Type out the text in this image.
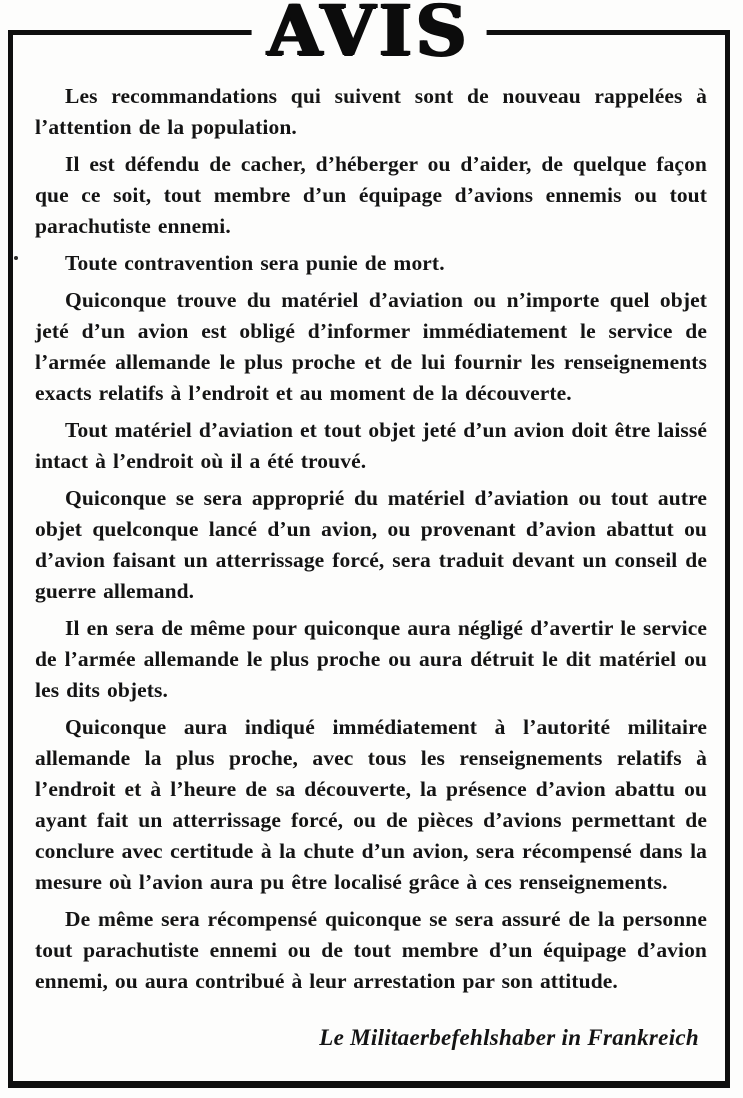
AVIS

Les recommandations qui suivent sont de nouveau rappelées à l’attention de la population.

Il est défendu de cacher, d’héberger ou d’aider, de quelque façon que ce soit, tout membre d’un équipage d’avions ennemis ou tout parachutiste ennemi.

Toute contravention sera punie de mort.

Quiconque trouve du matériel d’aviation ou n’importe quel objet jeté d’un avion est obligé d’informer immédiatement le service de l’armée allemande le plus proche et de lui fournir les renseignements exacts relatifs à l’endroit et au moment de la découverte.

Tout matériel d’aviation et tout objet jeté d’un avion doit être laissé intact à l’endroit où il a été trouvé.

Quiconque se sera approprié du matériel d’aviation ou tout autre objet quelconque lancé d’un avion, ou provenant d’avion abattut ou d’avion faisant un atterrissage forcé, sera traduit devant un conseil de guerre allemand.

Il en sera de même pour quiconque aura négligé d’avertir le service de l’armée allemande le plus proche ou aura détruit le dit matériel ou les dits objets.

Quiconque aura indiqué immédiatement à l’autorité militaire allemande la plus proche, avec tous les renseignements relatifs à l’endroit et à l’heure de sa découverte, la présence d’avion abattu ou ayant fait un atterrissage forcé, ou de pièces d’avions permettant de conclure avec certitude à la chute d’un avion, sera récompensé dans la mesure où l’avion aura pu être localisé grâce à ces renseignements.

De même sera récompensé quiconque se sera assuré de la personne tout parachutiste ennemi ou de tout membre d’un équipage d’avion ennemi, ou aura contribué à leur arrestation par son attitude.

Le Militaerbefehlshaber in Frankreich
